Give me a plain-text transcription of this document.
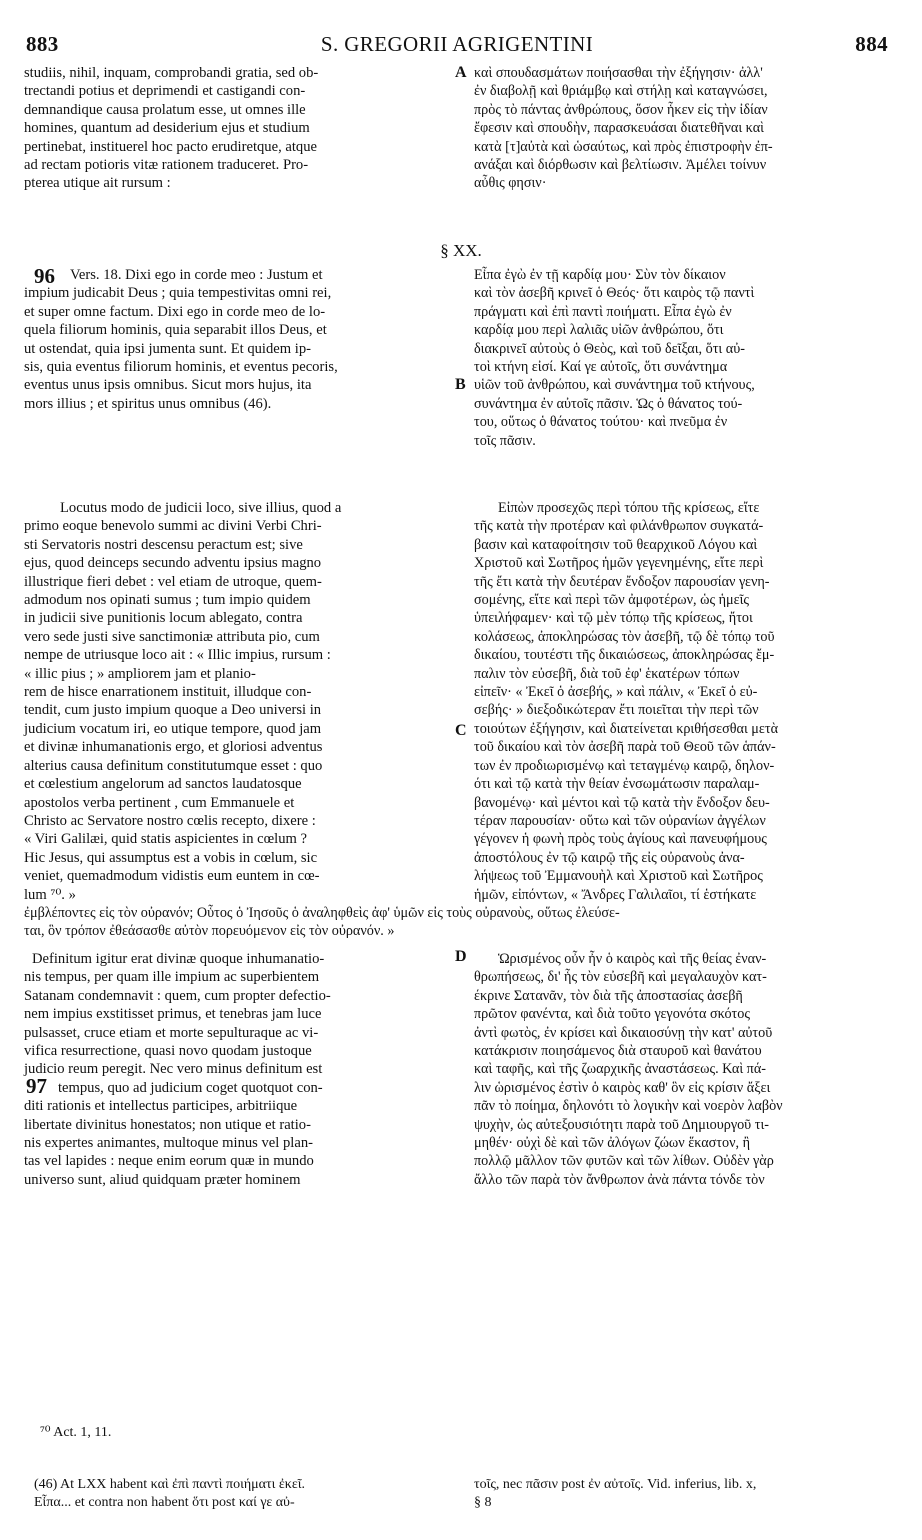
883	S. GREGORII AGRIGENTINI	884

studiis, nihil, inquam, comprobandi gratia, sed ob-

trectandi potius et deprimendi et castigandi con-

demnandique causa prolatum esse, ut omnes ille

homines, quantum ad desiderium ejus et studium

pertinebat, instituerel hoc pacto erudiretque, atque

ad rectam potioris vitæ rationem traduceret. Pro-

pterea utique ait rursum :

A καὶ σπουδασμάτων ποιήσασθαι τὴν ἐξήγησιν· ἀλλ'

ἐν διαβολῇ καὶ θριάμβῳ καὶ στήλῃ καὶ καταγνώσει,

πρὸς τὸ πάντας ἀνθρώπους, ὅσον ἧκεν εἰς τὴν ἰδίαν

ἔφεσιν καὶ σπουδὴν, παρασκευάσαι διατεθῆναι καὶ

κατὰ [τ]αὐτὰ καὶ ὡσαύτως, καὶ πρὸς ἐπιστροφὴν ἐπ-

ανάξαι καὶ διόρθωσιν καὶ βελτίωσιν. Ἀμέλει τοίνυν

αὖθις φησιν·

§ XX.
96	Vers. 18. Dixi ego in corde meo : Justum et

impium judicabit Deus ; quia tempestivitas omni rei,

et super omne factum. Dixi ego in corde meo de lo-

quela filiorum hominis, quia separabit illos Deus, et

ut ostendat, quia ipsi jumenta sunt. Et quidem ip-

sis, quia eventus filiorum hominis, et eventus pecoris,

eventus unus ipsis omnibus. Sicut mors hujus, ita

mors illius ; et spiritus unus omnibus (46).

B

Εἶπα ἐγὼ ἐν τῇ καρδίᾳ μου· Σὺν τὸν δίκαιον

καὶ τὸν ἀσεβῆ κρινεῖ ὁ Θεός· ὅτι καιρὸς τῷ παντὶ

πράγματι καὶ ἐπὶ παντὶ ποιήματι. Εἶπα ἐγὼ ἐν

καρδίᾳ μου περὶ λαλιᾶς υἱῶν ἀνθρώπου, ὅτι

διακρινεῖ αὐτοὺς ὁ Θεὸς, καὶ τοῦ δεῖξαι, ὅτι αὐ-

τοὶ κτήνη εἰσί. Καί γε αὐτοῖς, ὅτι συνάντημα

υἱῶν τοῦ ἀνθρώπου, καὶ συνάντημα τοῦ κτήνους,

συνάντημα ἐν αὐτοῖς πᾶσιν. Ὡς ὁ θάνατος τού-

του, οὕτως ὁ θάνατος τούτου· καὶ πνεῦμα ἐν

τοῖς πᾶσιν.

Locutus modo de judicii loco, sive illius, quod a

primo eoque benevolo summi ac divini Verbi Chri-

sti Servatoris nostri descensu peractum est; sive

ejus, quod deinceps secundo adventu ipsius magno

illustrique fieri debet : vel etiam de utroque, quem-

admodum nos opinati sumus ; tum impio quidem

in judicii sive punitionis locum ablegato, contra

vero sede justi sive sanctimoniæ attributa pio, cum

nempe de utriusque loco ait : « Illic impius, rursum :

« illic pius ; » ampliorem jam et planio-

rem de hisce enarrationem instituit, illudque con-

tendit, cum justo impium quoque a Deo universi in

judicium vocatum iri, eo utique tempore, quod jam

et divinæ inhumanationis ergo, et gloriosi adventus

alterius causa definitum constitutumque esset : quo

et cœlestium angelorum ad sanctos laudatosque

apostolos verba pertinent , cum Emmanuele et

Christo ac Servatore nostro cœlis recepto, dixere :

« Viri Galilæi, quid statis aspicientes in cœlum ?

Hic Jesus, qui assumptus est a vobis in cœlum, sic

veniet, quemadmodum vidistis eum euntem in cœ-

lum ⁷⁰. »

C

Εἰπὼν προσεχῶς περὶ τόπου τῆς κρίσεως, εἴτε

τῆς κατὰ τὴν προτέραν καὶ φιλάνθρωπον συγκατά-

βασιν καὶ καταφοίτησιν τοῦ θεαρχικοῦ Λόγου καὶ

Χριστοῦ καὶ Σωτῆρος ἡμῶν γεγενημένης, εἴτε περὶ

τῆς ἔτι κατὰ τὴν δευτέραν ἔνδοξον παρουσίαν γενη-

σομένης, εἴτε καὶ περὶ τῶν ἀμφοτέρων, ὡς ἡμεῖς

ὑπειλήφαμεν· καὶ τῷ μὲν τόπῳ τῆς κρίσεως, ἤτοι

κολάσεως, ἀποκληρώσας τὸν ἀσεβῆ, τῷ δὲ τόπῳ τοῦ

δικαίου, τουτέστι τῆς δικαιώσεως, ἀποκληρώσας ἔμ-

παλιν τὸν εὐσεβῆ, διὰ τοῦ ἐφ' ἑκατέρων τόπων

εἰπεῖν· « Ἐκεῖ ὁ ἀσεβής, » καὶ πάλιν, « Ἐκεῖ ὁ εὐ-

σεβής· » διεξοδικώτεραν ἔτι ποιεῖται τὴν περὶ τῶν

τοιούτων ἐξήγησιν, καὶ διατείνεται κριθήσεσθαι μετὰ

τοῦ δικαίου καὶ τὸν ἀσεβῆ παρὰ τοῦ Θεοῦ τῶν ἁπάν-

των ἐν προδιωρισμένῳ καὶ τεταγμένῳ καιρῷ, δηλον-

ότι καὶ τῷ κατὰ τὴν θείαν ἐνσωμάτωσιν παραλαμ-

βανομένῳ· καὶ μέντοι καὶ τῷ κατὰ τὴν ἔνδοξον δευ-

τέραν παρουσίαν· οὕτω καὶ τῶν οὐρανίων ἀγγέλων

γέγονεν ἡ φωνὴ πρὸς τοὺς ἁγίους καὶ πανευφήμους

ἀποστόλους ἐν τῷ καιρῷ τῆς εἰς οὐρανοὺς ἀνα-

λήψεως τοῦ Ἐμμανουὴλ καὶ Χριστοῦ καὶ Σωτῆρος

ἡμῶν, εἰπόντων, « Ἄνδρες Γαλιλαῖοι, τί ἑστήκατε

ἐμβλέποντες εἰς τὸν οὐρανόν; Οὗτος ὁ Ἰησοῦς ὁ ἀναληφθεὶς ἀφ' ὑμῶν εἰς τοὺς οὐρανοὺς, οὕτως ἐλεύσε-

ται, ὃν τρόπον ἐθεάσασθε αὐτὸν πορευόμενον εἰς τὸν οὐρανόν. »

Definitum igitur erat divinæ quoque inhumanatio-

nis tempus, per quam ille impium ac superbientem

Satanam condemnavit : quem, cum propter defectio-

nem impius exstitisset primus, et tenebras jam luce

pulsasset, cruce etiam et morte sepulturaque ac vi-

vifica resurrectione, quasi novo quodam justoque

judicio reum peregit. Nec vero minus definitum est

tempus, quo ad judicium coget quotquot con-

diti rationis et intellectus participes, arbitriique

libertate divinitus honestatos; non utique et ratio-

nis expertes animantes, multoque minus vel plan-

tas vel lapides : neque enim eorum quæ in mundo

universo sunt, aliud quidquam præter hominem

97
D	Ὡρισμένος οὖν ἦν ὁ καιρὸς καὶ τῆς θείας ἐναν-

θρωπήσεως, δι' ἧς τὸν εὐσεβῆ καὶ μεγαλαυχὸν κατ-

έκρινε Σατανᾶν, τὸν διὰ τῆς ἀποστασίας ἀσεβῆ

πρῶτον φανέντα, καὶ διὰ τοῦτο γεγονότα σκότος

ἀντὶ φωτὸς, ἐν κρίσει καὶ δικαιοσύνῃ τὴν κατ' αὐτοῦ

κατάκρισιν ποιησάμενος διὰ σταυροῦ καὶ θανάτου

καὶ ταφῆς, καὶ τῆς ζωαρχικῆς ἀναστάσεως. Καὶ πά-

λιν ὡρισμένος ἐστὶν ὁ καιρὸς καθ' ὃν εἰς κρίσιν ἄξει

πᾶν τὸ ποίημα, δηλονότι τὸ λογικὴν καὶ νοερὸν λαβὸν

ψυχὴν, ὡς αὐτεξουσιότητι παρὰ τοῦ Δημιουργοῦ τι-

μηθέν· οὐχὶ δὲ καὶ τῶν ἀλόγων ζώων ἕκαστον, ἢ

πολλῷ μᾶλλον τῶν φυτῶν καὶ τῶν λίθων. Οὐδὲν γὰρ

ἄλλο τῶν παρὰ τὸν ἄνθρωπον ἀνὰ πάντα τόνδε τὸν

⁷⁰ Act. 1, 11.

(46) At LXX habent καὶ ἐπὶ παντὶ ποιήματι ἐκεῖ.

Εἶπα... et contra non habent ὅτι post καί γε αὐ-

τοῖς, nec πᾶσιν post ἐν αὐτοῖς. Vid. inferius, lib. x,

§ 8
